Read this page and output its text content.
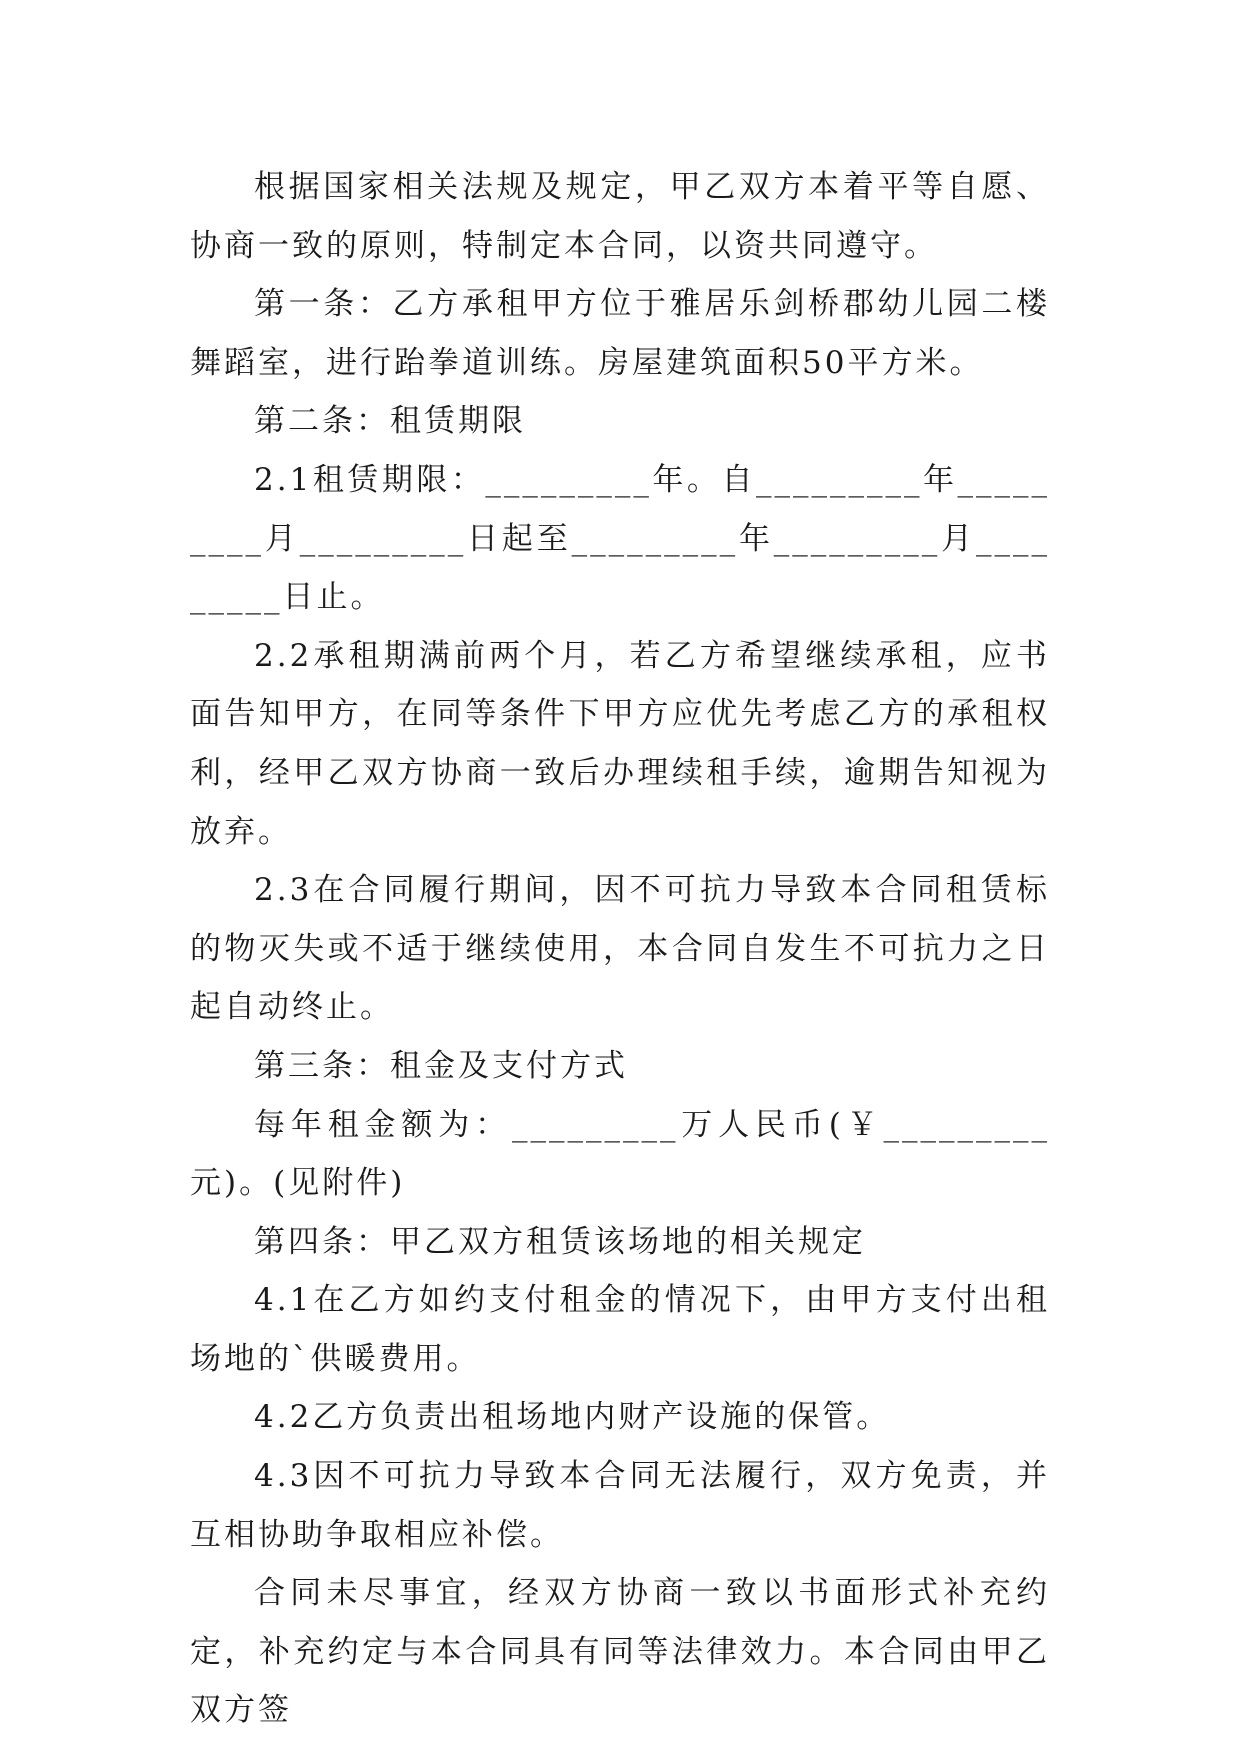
根据国家相关法规及规定，甲乙双方本着平等自愿、协商一致的原则，特制定本合同，以资共同遵守。

第一条：乙方承租甲方位于雅居乐剑桥郡幼儿园二楼舞蹈室，进行跆拳道训练。房屋建筑面积50平方米。

第二条：租赁期限

2.1租赁期限：_________年。自_________年_________月_________日起至_________年_________月_________日止。

2.2承租期满前两个月，若乙方希望继续承租，应书面告知甲方，在同等条件下甲方应优先考虑乙方的承租权利，经甲乙双方协商一致后办理续租手续，逾期告知视为放弃。

2.3在合同履行期间，因不可抗力导致本合同租赁标的物灭失或不适于继续使用，本合同自发生不可抗力之日起自动终止。

第三条：租金及支付方式

每年租金额为：_________万人民币(￥_________元)。(见附件)

第四条：甲乙双方租赁该场地的相关规定

4.1在乙方如约支付租金的情况下，由甲方支付出租场地的`供暖费用。

4.2乙方负责出租场地内财产设施的保管。

4.3因不可抗力导致本合同无法履行，双方免责，并互相协助争取相应补偿。

合同未尽事宜，经双方协商一致以书面形式补充约定，补充约定与本合同具有同等法律效力。本合同由甲乙双方签
